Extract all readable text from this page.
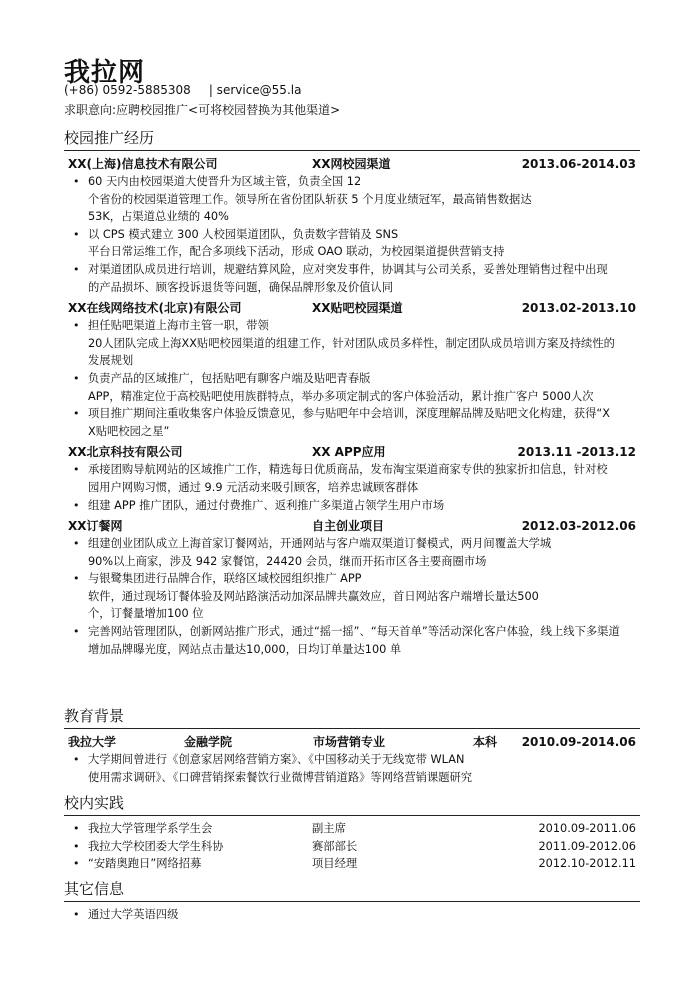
我拉网
(+86) 0592-5885308 | service@55.la
求职意向:应聘校园推广<可将校园替换为其他渠道>
校园推广经历
XX(上海)信息技术有限公司	XX网校园渠道	2013.06-2014.03
• 60 天内由校园渠道大使晋升为区域主管，负责全国 12
个省份的校园渠道管理工作。领导所在省份团队斩获 5 个月度业绩冠军，最高销售数据达
53K，占渠道总业绩的 40%
• 以 CPS 模式建立 300 人校园渠道团队，负责数字营销及 SNS
平台日常运维工作，配合多项线下活动，形成 OAO 联动，为校园渠道提供营销支持
• 对渠道团队成员进行培训，规避结算风险，应对突发事件，协调其与公司关系，妥善处理销售过程中出现
的产品损坏、顾客投诉退货等问题，确保品牌形象及价值认同
XX在线网络技术(北京)有限公司	XX贴吧校园渠道	2013.02-2013.10
• 担任贴吧渠道上海市主管一职，带领
20人团队完成上海XX贴吧校园渠道的组建工作，针对团队成员多样性，制定团队成员培训方案及持续性的
发展规划
• 负责产品的区域推广，包括贴吧有聊客户端及贴吧青春版
APP，精准定位于高校贴吧使用族群特点，举办多项定制式的客户体验活动，累计推广客户 5000人次
• 项目推广期间注重收集客户体验反馈意见，参与贴吧年中会培训，深度理解品牌及贴吧文化构建，获得“X
X贴吧校园之星”
XX北京科技有限公司	XX APP应用	2013.11 -2013.12
• 承接团购导航网站的区域推广工作，精选每日优质商品，发布淘宝渠道商家专供的独家折扣信息，针对校
园用户网购习惯，通过 9.9 元活动来吸引顾客，培养忠诚顾客群体
• 组建 APP 推广团队，通过付费推广、返利推广多渠道占领学生用户市场
XX订餐网	自主创业项目	2012.03-2012.06
• 组建创业团队成立上海首家订餐网站，开通网站与客户端双渠道订餐模式，两月间覆盖大学城
90%以上商家，涉及 942 家餐馆，24420 会员，继而开拓市区各主要商圈市场
• 与银鹭集团进行品牌合作，联络区域校园组织推广 APP
软件，通过现场订餐体验及网站路演活动加深品牌共赢效应，首日网站客户端增长量达500
个，订餐量增加100 位
• 完善网站管理团队，创新网站推广形式，通过“摇一摇”、“每天首单”等活动深化客户体验，线上线下多渠道
增加品牌曝光度，网站点击量达10,000，日均订单量达100 单
教育背景
我拉大学	金融学院	市场营销专业	本科 2010.09-2014.06
• 大学期间曾进行《创意家居网络营销方案》、《中国移动关于无线宽带 WLAN
使用需求调研》、《口碑营销探索餐饮行业微博营销道路》等网络营销课题研究
校内实践
• 我拉大学管理学系学生会	副主席	2010.09-2011.06
• 我拉大学校团委大学生科协	赛部部长	2011.09-2012.06
• “安踏奥跑日”网络招募	项目经理	2012.10-2012.11
其它信息
• 通过大学英语四级
